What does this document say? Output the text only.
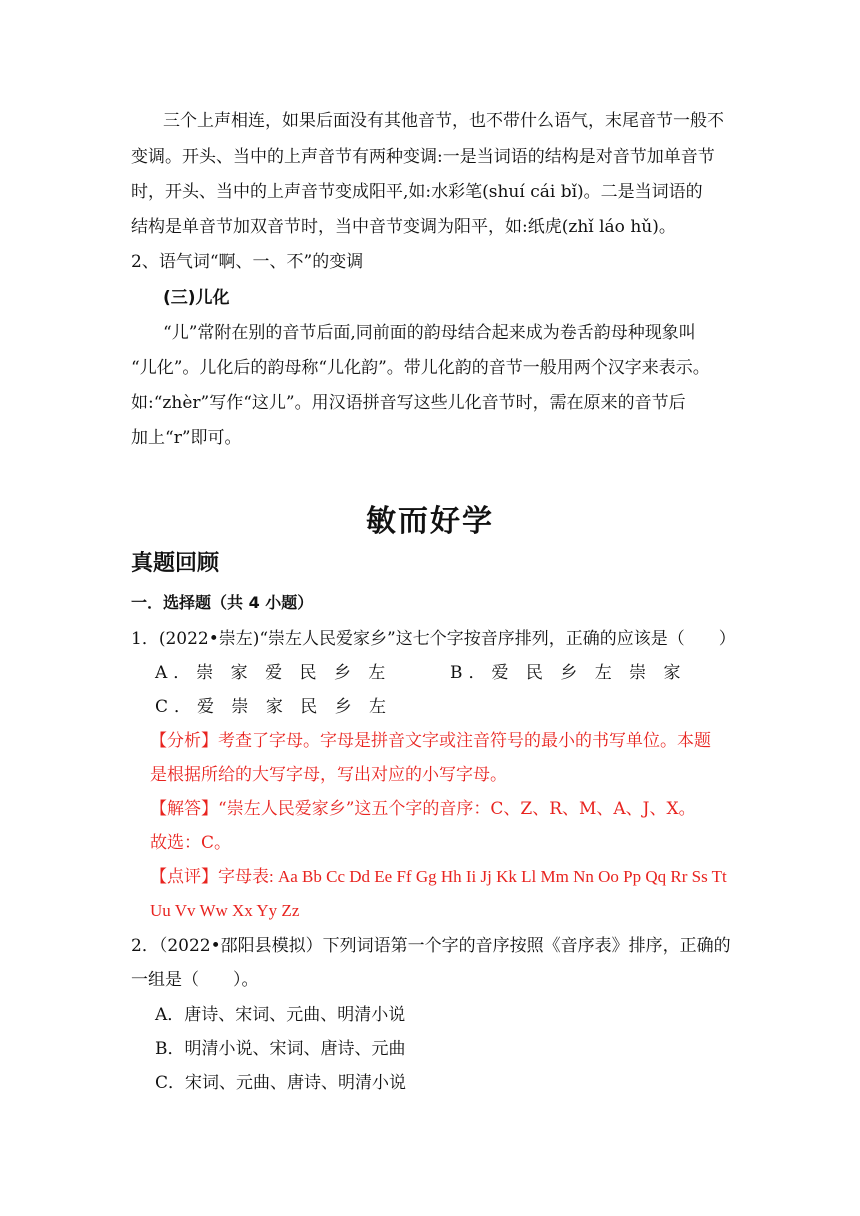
三个上声相连，如果后面没有其他音节，也不带什么语气，末尾音节一般不
变调。开头、当中的上声音节有两种变调:一是当词语的结构是对音节加单音节
时，开头、当中的上声音节变成阳平,如:水彩笔(shuí cái bǐ)。二是当词语的
结构是单音节加双音节时，当中音节变调为阳平，如:纸虎(zhǐ láo hǔ)。
2、语气词“啊、一、不”的变调
(三)儿化
“儿”常附在别的音节后面,同前面的韵母结合起来成为卷舌韵母种现象叫
“儿化”。儿化后的韵母称“儿化韵”。带儿化韵的音节一般用两个汉字来表示。
如:“zhèr”写作“这儿”。用汉语拼音写这些儿化音节时，需在原来的音节后
加上“r”即可。
敏而好学
真题回顾
一．选择题（共 4 小题）
1．(2022•崇左)“崇左人民爱家乡”这七个字按音序排列，正确的应该是（　　）
A．崇 家 爱 民 乡 左	B．爱 民 乡 左 崇 家
C．爱 崇 家 民 乡 左
【分析】考查了字母。字母是拼音文字或注音符号的最小的书写单位。本题
是根据所给的大写字母，写出对应的小写字母。
【解答】“崇左人民爱家乡”这五个字的音序：C、Z、R、M、A、J、X。
故选：C。
【点评】字母表: Aa Bb Cc Dd Ee Ff Gg Hh Ii Jj Kk Ll Mm Nn Oo Pp Qq Rr Ss Tt
Uu Vv Ww Xx Yy Zz
2．（2022•邵阳县模拟）下列词语第一个字的音序按照《音序表》排序，正确的
一组是（　　）。
A．唐诗、宋词、元曲、明清小说
B．明清小说、宋词、唐诗、元曲
C．宋词、元曲、唐诗、明清小说
